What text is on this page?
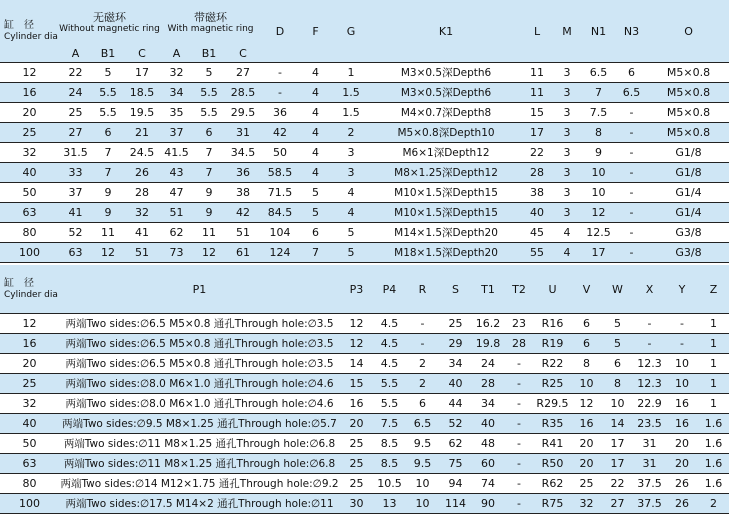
缸　径
Cylinder dia	无磁环
Without magnetic ring			带磁环
With magnetic ring			D	F	G	K1	L	M	N1	N3	O
	A	B1	C	A	B1	C									
12	22	5	17	32	5	27	-	4	1	M3×0.5深Depth6	11	3	6.5	6	M5×0.8
16	24	5.5	18.5	34	5.5	28.5	-	4	1.5	M3×0.5深Depth6	11	3	7	6.5	M5×0.8
20	25	5.5	19.5	35	5.5	29.5	36	4	1.5	M4×0.7深Depth8	15	3	7.5	-	M5×0.8
25	27	6	21	37	6	31	42	4	2	M5×0.8深Depth10	17	3	8	-	M5×0.8
32	31.5	7	24.5	41.5	7	34.5	50	4	3	M6×1深Depth12	22	3	9	-	G1/8
40	33	7	26	43	7	36	58.5	4	3	M8×1.25深Depth12	28	3	10	-	G1/8
50	37	9	28	47	9	38	71.5	5	4	M10×1.5深Depth15	38	3	10	-	G1/4
63	41	9	32	51	9	42	84.5	5	4	M10×1.5深Depth15	40	3	12	-	G1/4
80	52	11	41	62	11	51	104	6	5	M14×1.5深Depth20	45	4	12.5	-	G3/8
100	63	12	51	73	12	61	124	7	5	M18×1.5深Depth20	55	4	17	-	G3/8
缸　径
Cylinder dia	P1	P3	P4	R	S	T1	T2	U	V	W	X	Y	Z
12	两端Two sides:∅6.5 M5×0.8 通孔Through hole:∅3.5	12	4.5	-	25	16.2	23	R16	6	5	-	-	1
16	两端Two sides:∅6.5 M5×0.8 通孔Through hole:∅3.5	12	4.5	-	29	19.8	28	R19	6	5	-	-	1
20	两端Two sides:∅6.5 M5×0.8 通孔Through hole:∅3.5	14	4.5	2	34	24	-	R22	8	6	12.3	10	1
25	两端Two sides:∅8.0 M6×1.0 通孔Through hole:∅4.6	15	5.5	2	40	28	-	R25	10	8	12.3	10	1
32	两端Two sides:∅8.0 M6×1.0 通孔Through hole:∅4.6	16	5.5	6	44	34	-	R29.5	12	10	22.9	16	1
40	两端Two sides:∅9.5 M8×1.25 通孔Through hole:∅5.7	20	7.5	6.5	52	40	-	R35	16	14	23.5	16	1.6
50	两端Two sides:∅11 M8×1.25 通孔Through hole:∅6.8	25	8.5	9.5	62	48	-	R41	20	17	31	20	1.6
63	两端Two sides:∅11 M8×1.25 通孔Through hole:∅6.8	25	8.5	9.5	75	60	-	R50	20	17	31	20	1.6
80	两端Two sides:∅14 M12×1.75 通孔Through hole:∅9.2	25	10.5	10	94	74	-	R62	25	22	37.5	26	1.6
100	两端Two sides:∅17.5 M14×2 通孔Through hole:∅11	30	13	10	114	90	-	R75	32	27	37.5	26	2
